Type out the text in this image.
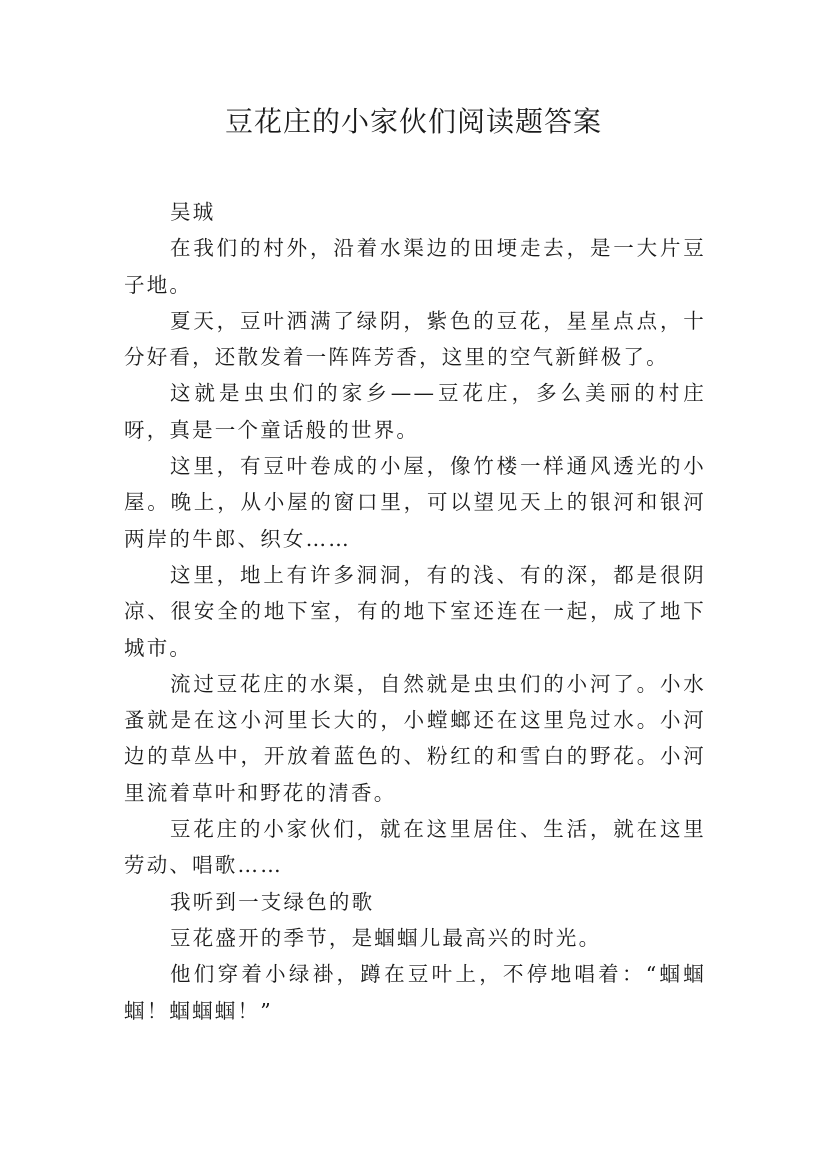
豆花庄的小家伙们阅读题答案

吴珹

在我们的村外，沿着水渠边的田埂走去，是一大片豆子地。

夏天，豆叶洒满了绿阴，紫色的豆花，星星点点，十分好看，还散发着一阵阵芳香，这里的空气新鲜极了。

这就是虫虫们的家乡——豆花庄，多么美丽的村庄呀，真是一个童话般的世界。

这里，有豆叶卷成的小屋，像竹楼一样通风透光的小屋。晚上，从小屋的窗口里，可以望见天上的银河和银河两岸的牛郎、织女……

这里，地上有许多洞洞，有的浅、有的深，都是很阴凉、很安全的地下室，有的地下室还连在一起，成了地下城市。

流过豆花庄的水渠，自然就是虫虫们的小河了。小水蚤就是在这小河里长大的，小螳螂还在这里凫过水。小河边的草丛中，开放着蓝色的、粉红的和雪白的野花。小河里流着草叶和野花的清香。

豆花庄的小家伙们，就在这里居住、生活，就在这里劳动、唱歌……

我听到一支绿色的歌

豆花盛开的季节，是蝈蝈儿最高兴的时光。

他们穿着小绿褂，蹲在豆叶上，不停地唱着：“蝈蝈蝈！蝈蝈蝈！”
